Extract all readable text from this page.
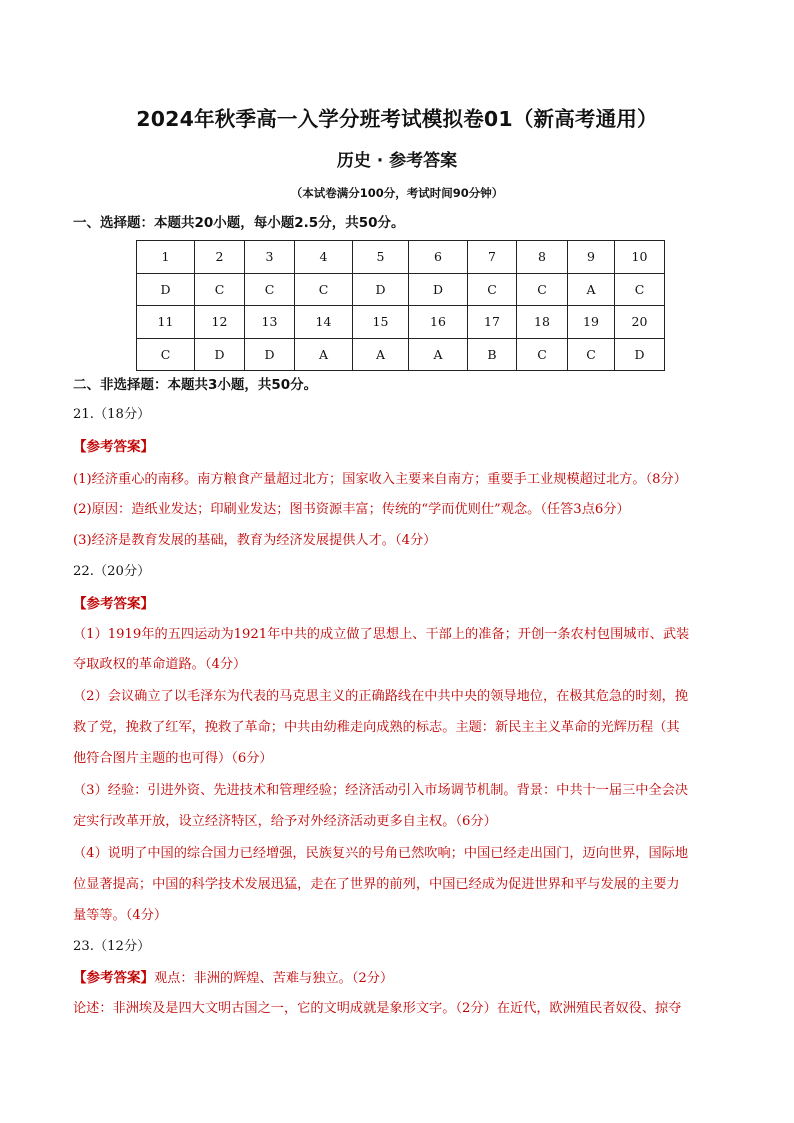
2024年秋季高一入学分班考试模拟卷01（新高考通用）
历史 · 参考答案
（本试卷满分100分，考试时间90分钟）
一、选择题：本题共20小题，每小题2.5分，共50分。
1	2	3	4	5	6	7	8	9	10
D	C	C	C	D	D	C	C	A	C
11	12	13	14	15	16	17	18	19	20
C	D	D	A	A	A	B	C	C	D
二、非选择题：本题共3小题，共50分。
21.（18分）
【参考答案】
(1)经济重心的南移。南方粮食产量超过北方；国家收入主要来自南方；重要手工业规模超过北方。（8分）
(2)原因：造纸业发达；印刷业发达；图书资源丰富；传统的“学而优则仕”观念。（任答3点6分）
(3)经济是教育发展的基础，教育为经济发展提供人才。（4分）
22.（20分）
【参考答案】
（1）1919年的五四运动为1921年中共的成立做了思想上、干部上的准备；开创一条农村包围城市、武装
夺取政权的革命道路。（4分）
（2）会议确立了以毛泽东为代表的马克思主义的正确路线在中共中央的领导地位，在极其危急的时刻，挽
救了党，挽救了红军，挽救了革命；中共由幼稚走向成熟的标志。主题：新民主主义革命的光辉历程（其
他符合图片主题的也可得）（6分）
（3）经验：引进外资、先进技术和管理经验；经济活动引入市场调节机制。背景：中共十一届三中全会决
定实行改革开放，设立经济特区，给予对外经济活动更多自主权。（6分）
（4）说明了中国的综合国力已经增强，民族复兴的号角已然吹响；中国已经走出国门，迈向世界，国际地
位显著提高；中国的科学技术发展迅猛，走在了世界的前列，中国已经成为促进世界和平与发展的主要力
量等等。（4分）
23.（12分）
【参考答案】观点：非洲的辉煌、苦难与独立。（2分）
论述：非洲埃及是四大文明古国之一，它的文明成就是象形文字。（2分）在近代，欧洲殖民者奴役、掠夺
